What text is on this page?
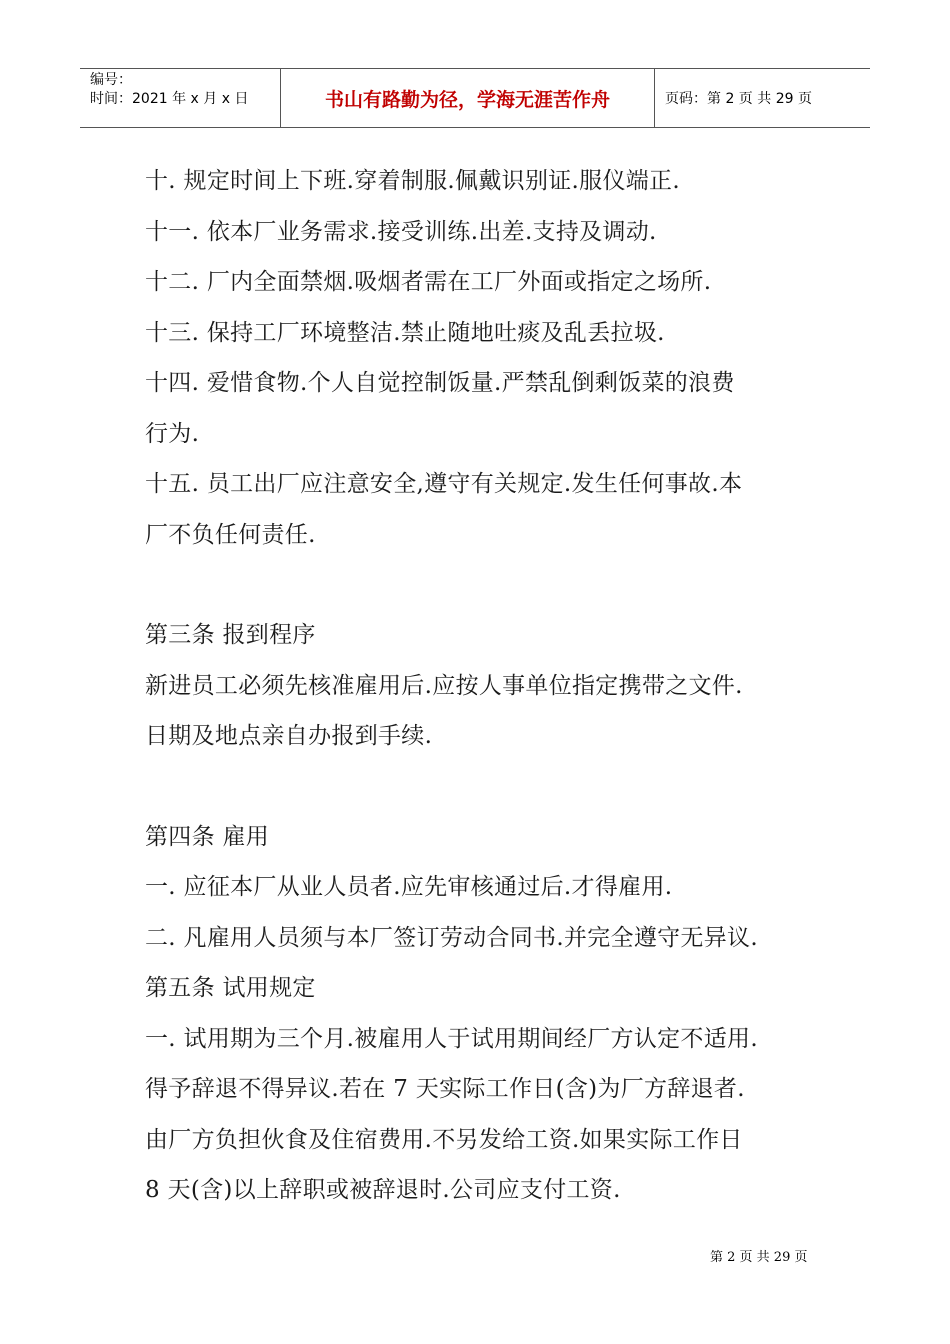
编号：
时间：2021 年 x 月 x 日	书山有路勤为径，学海无涯苦作舟	页码：第 2 页 共 29 页

十. 规定时间上下班.穿着制服.佩戴识别证.服仪端正.

十一. 依本厂业务需求.接受训练.出差.支持及调动.

十二. 厂内全面禁烟.吸烟者需在工厂外面或指定之场所.

十三. 保持工厂环境整洁.禁止随地吐痰及乱丢拉圾.

十四. 爱惜食物.个人自觉控制饭量.严禁乱倒剩饭菜的浪费

行为.

十五. 员工出厂应注意安全,遵守有关规定.发生任何事故.本

厂不负任何责任.

第三条 报到程序

新进员工必须先核准雇用后.应按人事单位指定携带之文件.

日期及地点亲自办报到手续.

第四条 雇用

一. 应征本厂从业人员者.应先审核通过后.才得雇用.

二. 凡雇用人员须与本厂签订劳动合同书.并完全遵守无异议.

第五条 试用规定

一. 试用期为三个月.被雇用人于试用期间经厂方认定不适用.

得予辞退不得异议.若在 7 天实际工作日(含)为厂方辞退者.

由厂方负担伙食及住宿费用.不另发给工资.如果实际工作日

8 天(含)以上辞职或被辞退时.公司应支付工资.

第 2 页 共 29 页
